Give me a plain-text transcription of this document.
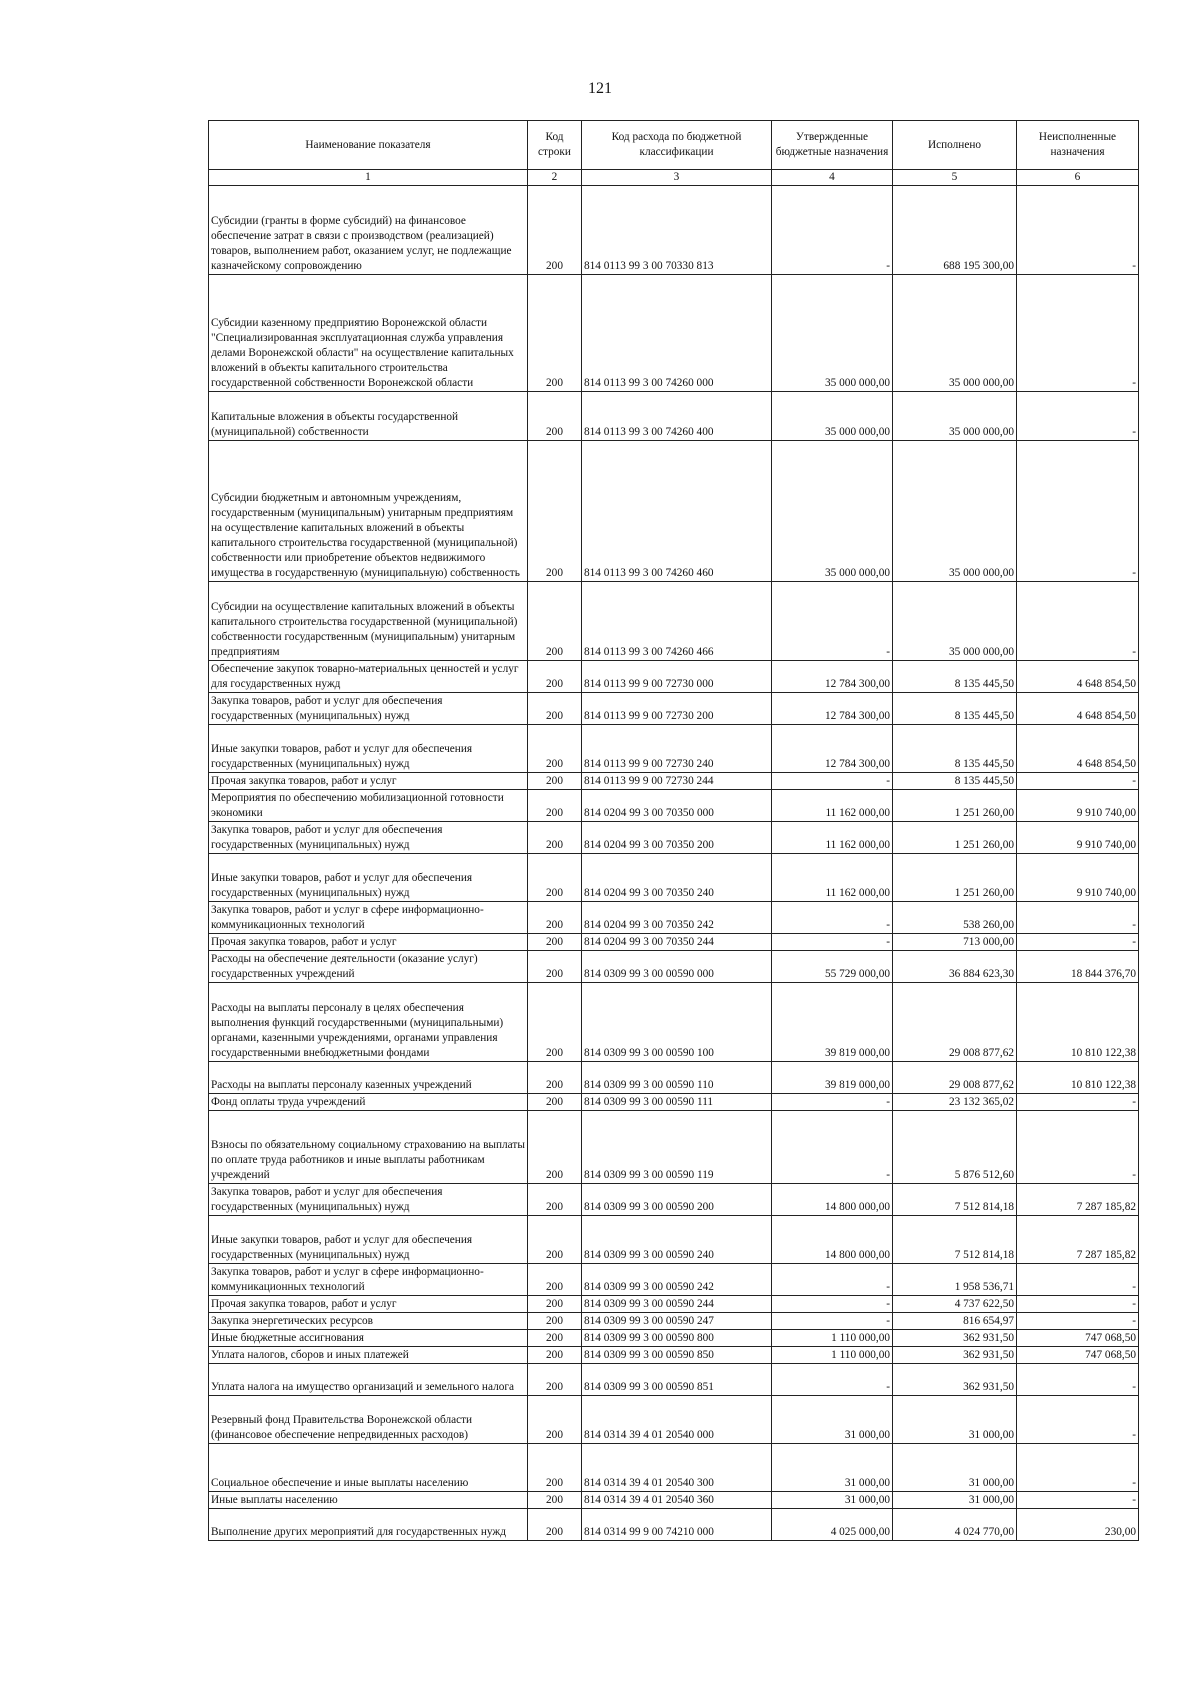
121
Наименование показателя	Код строки	Код расхода по бюджетной классификации	Утвержденные бюджетные назначения	Исполнено	Неисполненные назначения
1	2	3	4	5	6
Субсидии (гранты в форме субсидий) на финансовое обеспечение затрат в связи с производством (реализацией) товаров, выполнением работ, оказанием услуг, не подлежащие казначейскому сопровождению	200	814 0113 99 3 00 70330 813	-	688 195 300,00	-
Субсидии казенному предприятию Воронежской области "Специализированная эксплуатационная служба управления делами Воронежской области" на осуществление капитальных вложений в объекты капитального строительства государственной собственности Воронежской области	200	814 0113 99 3 00 74260 000	35 000 000,00	35 000 000,00	-
Капитальные вложения в объекты государственной (муниципальной) собственности	200	814 0113 99 3 00 74260 400	35 000 000,00	35 000 000,00	-
Субсидии бюджетным и автономным учреждениям, государственным (муниципальным) унитарным предприятиям на осуществление капитальных вложений в объекты капитального строительства государственной (муниципальной) собственности или приобретение объектов недвижимого имущества в государственную (муниципальную) собственность	200	814 0113 99 3 00 74260 460	35 000 000,00	35 000 000,00	-
Субсидии на осуществление капитальных вложений в объекты капитального строительства государственной (муниципальной) собственности государственным (муниципальным) унитарным предприятиям	200	814 0113 99 3 00 74260 466	-	35 000 000,00	-
Обеспечение закупок товарно-материальных ценностей и услуг для государственных нужд	200	814 0113 99 9 00 72730 000	12 784 300,00	8 135 445,50	4 648 854,50
Закупка товаров, работ и услуг для обеспечения государственных (муниципальных) нужд	200	814 0113 99 9 00 72730 200	12 784 300,00	8 135 445,50	4 648 854,50
Иные закупки товаров, работ и услуг для обеспечения государственных (муниципальных) нужд	200	814 0113 99 9 00 72730 240	12 784 300,00	8 135 445,50	4 648 854,50
Прочая закупка товаров, работ и услуг	200	814 0113 99 9 00 72730 244	-	8 135 445,50	-
Мероприятия по обеспечению мобилизационной готовности экономики	200	814 0204 99 3 00 70350 000	11 162 000,00	1 251 260,00	9 910 740,00
Закупка товаров, работ и услуг для обеспечения государственных (муниципальных) нужд	200	814 0204 99 3 00 70350 200	11 162 000,00	1 251 260,00	9 910 740,00
Иные закупки товаров, работ и услуг для обеспечения государственных (муниципальных) нужд	200	814 0204 99 3 00 70350 240	11 162 000,00	1 251 260,00	9 910 740,00
Закупка товаров, работ и услуг в сфере информационно-коммуникационных технологий	200	814 0204 99 3 00 70350 242	-	538 260,00	-
Прочая закупка товаров, работ и услуг	200	814 0204 99 3 00 70350 244	-	713 000,00	-
Расходы на обеспечение деятельности (оказание услуг) государственных учреждений	200	814 0309 99 3 00 00590 000	55 729 000,00	36 884 623,30	18 844 376,70
Расходы на выплаты персоналу в целях обеспечения выполнения функций государственными (муниципальными) органами, казенными учреждениями, органами управления государственными внебюджетными фондами	200	814 0309 99 3 00 00590 100	39 819 000,00	29 008 877,62	10 810 122,38
Расходы на выплаты персоналу казенных учреждений	200	814 0309 99 3 00 00590 110	39 819 000,00	29 008 877,62	10 810 122,38
Фонд оплаты труда учреждений	200	814 0309 99 3 00 00590 111	-	23 132 365,02	-
Взносы по обязательному социальному страхованию на выплаты по оплате труда работников и иные выплаты работникам учреждений	200	814 0309 99 3 00 00590 119	-	5 876 512,60	-
Закупка товаров, работ и услуг для обеспечения государственных (муниципальных) нужд	200	814 0309 99 3 00 00590 200	14 800 000,00	7 512 814,18	7 287 185,82
Иные закупки товаров, работ и услуг для обеспечения государственных (муниципальных) нужд	200	814 0309 99 3 00 00590 240	14 800 000,00	7 512 814,18	7 287 185,82
Закупка товаров, работ и услуг в сфере информационно-коммуникационных технологий	200	814 0309 99 3 00 00590 242	-	1 958 536,71	-
Прочая закупка товаров, работ и услуг	200	814 0309 99 3 00 00590 244	-	4 737 622,50	-
Закупка энергетических ресурсов	200	814 0309 99 3 00 00590 247	-	816 654,97	-
Иные бюджетные ассигнования	200	814 0309 99 3 00 00590 800	1 110 000,00	362 931,50	747 068,50
Уплата налогов, сборов и иных платежей	200	814 0309 99 3 00 00590 850	1 110 000,00	362 931,50	747 068,50
Уплата налога на имущество организаций и земельного налога	200	814 0309 99 3 00 00590 851	-	362 931,50	-
Резервный фонд Правительства Воронежской области (финансовое обеспечение непредвиденных расходов)	200	814 0314 39 4 01 20540 000	31 000,00	31 000,00	-
Социальное обеспечение и иные выплаты населению	200	814 0314 39 4 01 20540 300	31 000,00	31 000,00	-
Иные выплаты населению	200	814 0314 39 4 01 20540 360	31 000,00	31 000,00	-
Выполнение других мероприятий для государственных нужд	200	814 0314 99 9 00 74210 000	4 025 000,00	4 024 770,00	230,00
